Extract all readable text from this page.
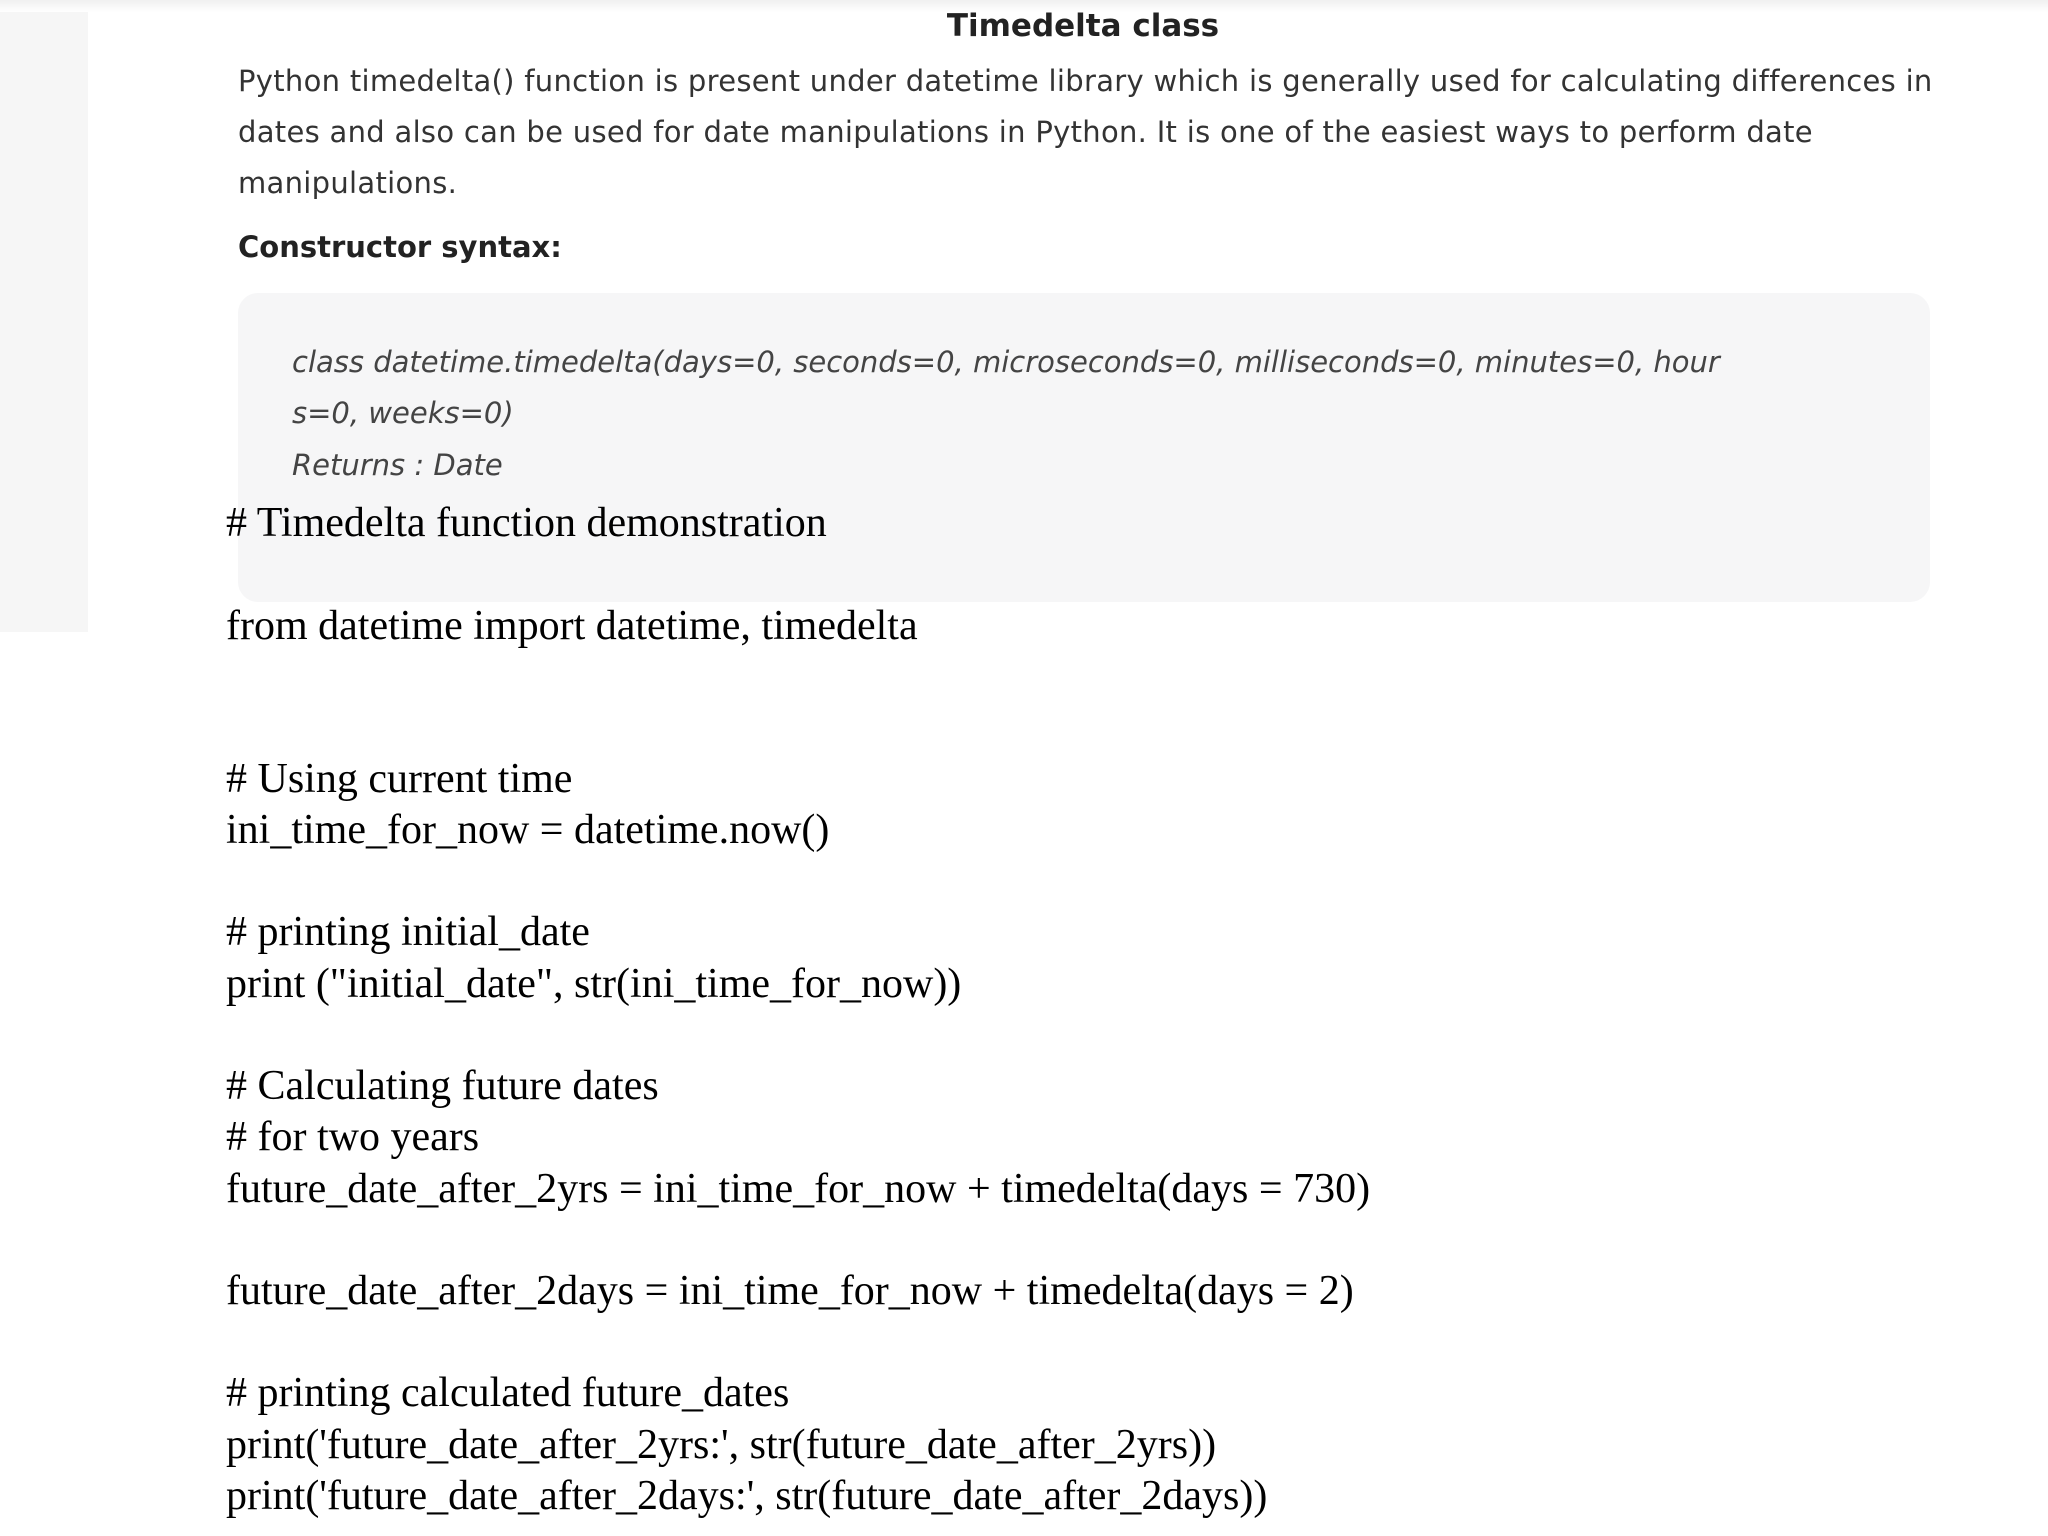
Timedelta class
Python timedelta() function is present under datetime library which is generally used for calculating differences in dates and also can be used for date manipulations in Python. It is one of the easiest ways to perform date manipulations.
Constructor syntax:
class datetime.timedelta(days=0, seconds=0, microseconds=0, milliseconds=0, minutes=0, hour
s=0, weeks=0)
Returns : Date
# Timedelta function demonstration
from datetime import datetime, timedelta
# Using current time
ini_time_for_now = datetime.now()
# printing initial_date
print ("initial_date", str(ini_time_for_now))
# Calculating future dates
# for two years
future_date_after_2yrs = ini_time_for_now + timedelta(days = 730)
future_date_after_2days = ini_time_for_now + timedelta(days = 2)
# printing calculated future_dates
print('future_date_after_2yrs:', str(future_date_after_2yrs))
print('future_date_after_2days:', str(future_date_after_2days))
